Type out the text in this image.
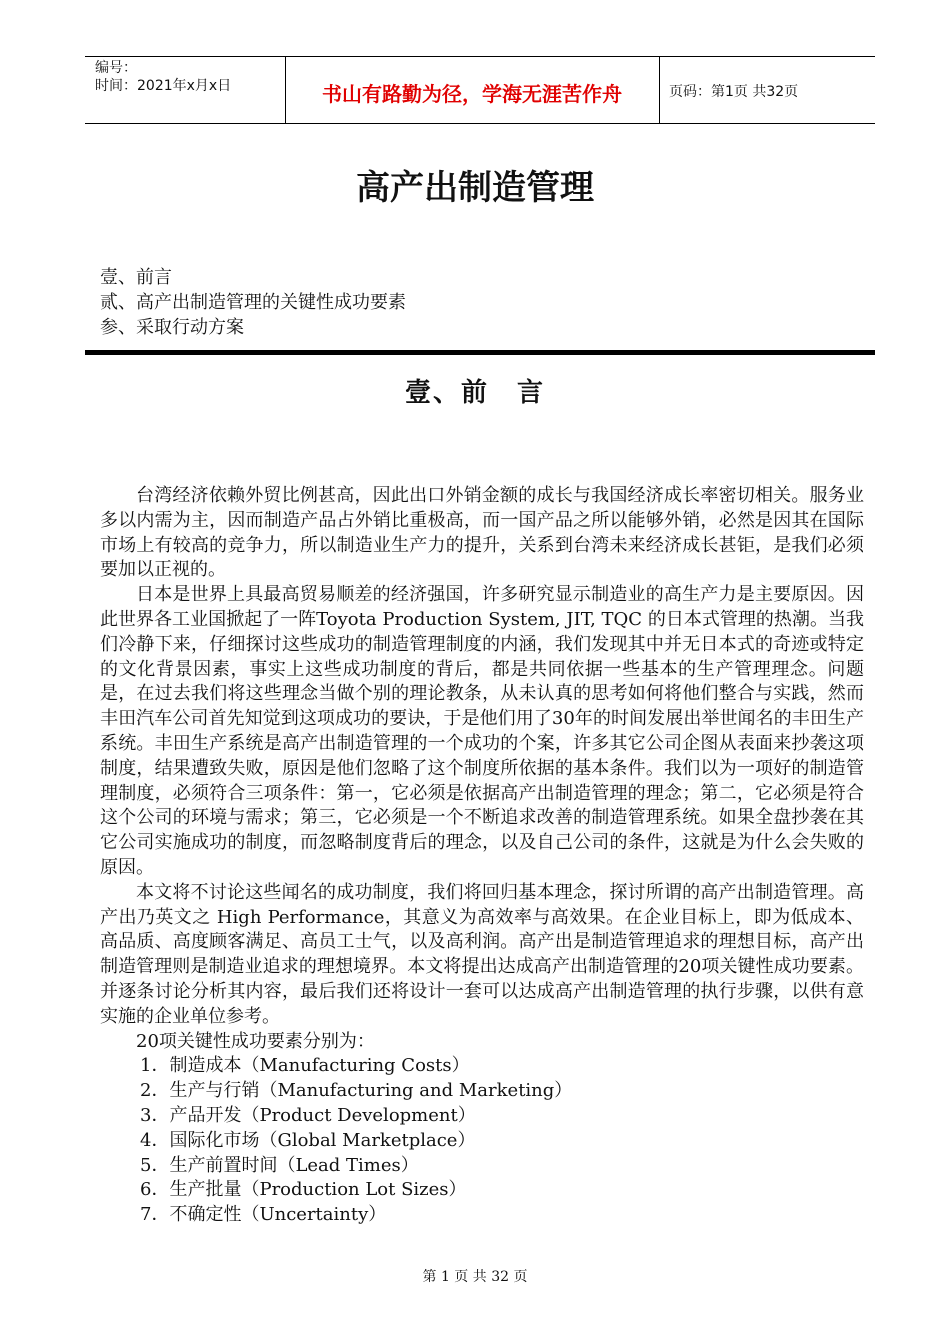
编号：
时间：2021年x月x日	书山有路勤为径，学海无涯苦作舟	页码：第1页 共32页
高产出制造管理
壹、前言
贰、高产出制造管理的关键性成功要素
参、采取行动方案
壹、前　言

台湾经济依赖外贸比例甚高，因此出口外销金额的成长与我国经济成长率密切相关。服务业多以内需为主，因而制造产品占外销比重极高，而一国产品之所以能够外销，必然是因其在国际市场上有较高的竞争力，所以制造业生产力的提升，关系到台湾未来经济成长甚钜，是我们必须要加以正视的。

日本是世界上具最高贸易顺差的经济强国，许多研究显示制造业的高生产力是主要原因。因此世界各工业国掀起了一阵Toyota Production System, JIT, TQC 的日本式管理的热潮。当我们冷静下来，仔细探讨这些成功的制造管理制度的内涵，我们发现其中并无日本式的奇迹或特定的文化背景因素，事实上这些成功制度的背后，都是共同依据一些基本的生产管理理念。问题是，在过去我们将这些理念当做个别的理论教条，从未认真的思考如何将他们整合与实践，然而丰田汽车公司首先知觉到这项成功的要诀，于是他们用了30年的时间发展出举世闻名的丰田生产系统。丰田生产系统是高产出制造管理的一个成功的个案，许多其它公司企图从表面来抄袭这项制度，结果遭致失败，原因是他们忽略了这个制度所依据的基本条件。我们以为一项好的制造管理制度，必须符合三项条件：第一，它必须是依据高产出制造管理的理念；第二，它必须是符合这个公司的环境与需求；第三，它必须是一个不断追求改善的制造管理系统。如果全盘抄袭在其它公司实施成功的制度，而忽略制度背后的理念，以及自己公司的条件，这就是为什么会失败的原因。

本文将不讨论这些闻名的成功制度，我们将回归基本理念，探讨所谓的高产出制造管理。高产出乃英文之 High Performance，其意义为高效率与高效果。在企业目标上，即为低成本、高品质、高度顾客满足、高员工士气，以及高利润。高产出是制造管理追求的理想目标，高产出制造管理则是制造业追求的理想境界。本文将提出达成高产出制造管理的20项关键性成功要素。并逐条讨论分析其内容，最后我们还将设计一套可以达成高产出制造管理的执行步骤，以供有意实施的企业单位参考。

20项关键性成功要素分别为：

1．制造成本（Manufacturing Costs）
2．生产与行销（Manufacturing and Marketing）
3．产品开发（Product Development）
4．国际化市场（Global Marketplace）
5．生产前置时间（Lead Times）
6．生产批量（Production Lot Sizes）
7．不确定性（Uncertainty）
第 1 页 共 32 页
